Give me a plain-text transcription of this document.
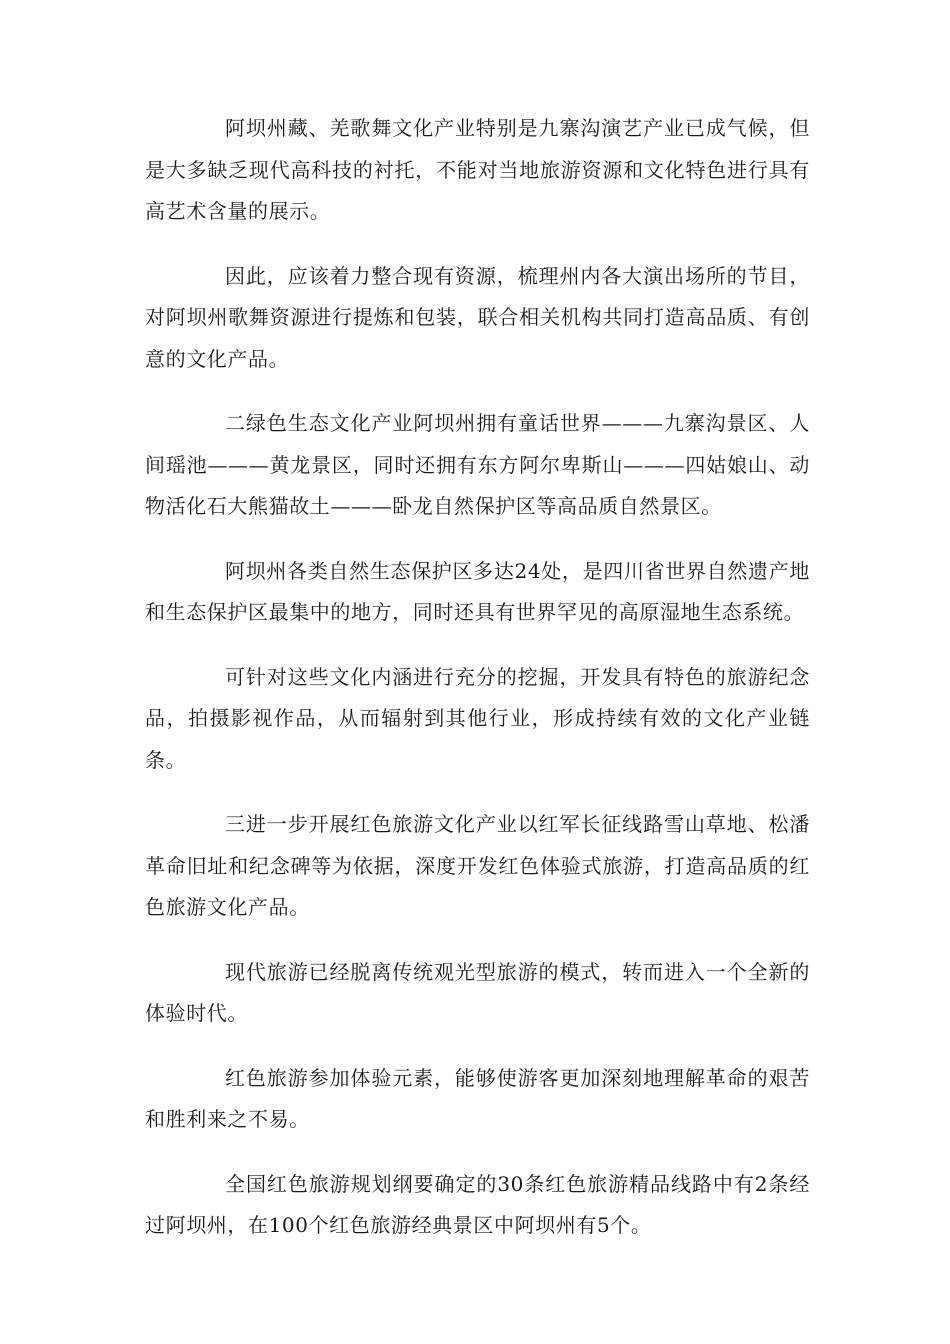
阿坝州藏、羌歌舞文化产业特别是九寨沟演艺产业已成气候，但是大多缺乏现代高科技的衬托，不能对当地旅游资源和文化特色进行具有高艺术含量的展示。

因此，应该着力整合现有资源，梳理州内各大演出场所的节目，对阿坝州歌舞资源进行提炼和包装，联合相关机构共同打造高品质、有创意的文化产品。

二绿色生态文化产业阿坝州拥有童话世界———九寨沟景区、人间瑶池———黄龙景区，同时还拥有东方阿尔卑斯山———四姑娘山、动物活化石大熊猫故土———卧龙自然保护区等高品质自然景区。

阿坝州各类自然生态保护区多达24处，是四川省世界自然遗产地和生态保护区最集中的地方，同时还具有世界罕见的高原湿地生态系统。

可针对这些文化内涵进行充分的挖掘，开发具有特色的旅游纪念品，拍摄影视作品，从而辐射到其他行业，形成持续有效的文化产业链条。

三进一步开展红色旅游文化产业以红军长征线路雪山草地、松潘革命旧址和纪念碑等为依据，深度开发红色体验式旅游，打造高品质的红色旅游文化产品。

现代旅游已经脱离传统观光型旅游的模式，转而进入一个全新的体验时代。

红色旅游参加体验元素，能够使游客更加深刻地理解革命的艰苦和胜利来之不易。

全国红色旅游规划纲要确定的30条红色旅游精品线路中有2条经过阿坝州，在100个红色旅游经典景区中阿坝州有5个。
